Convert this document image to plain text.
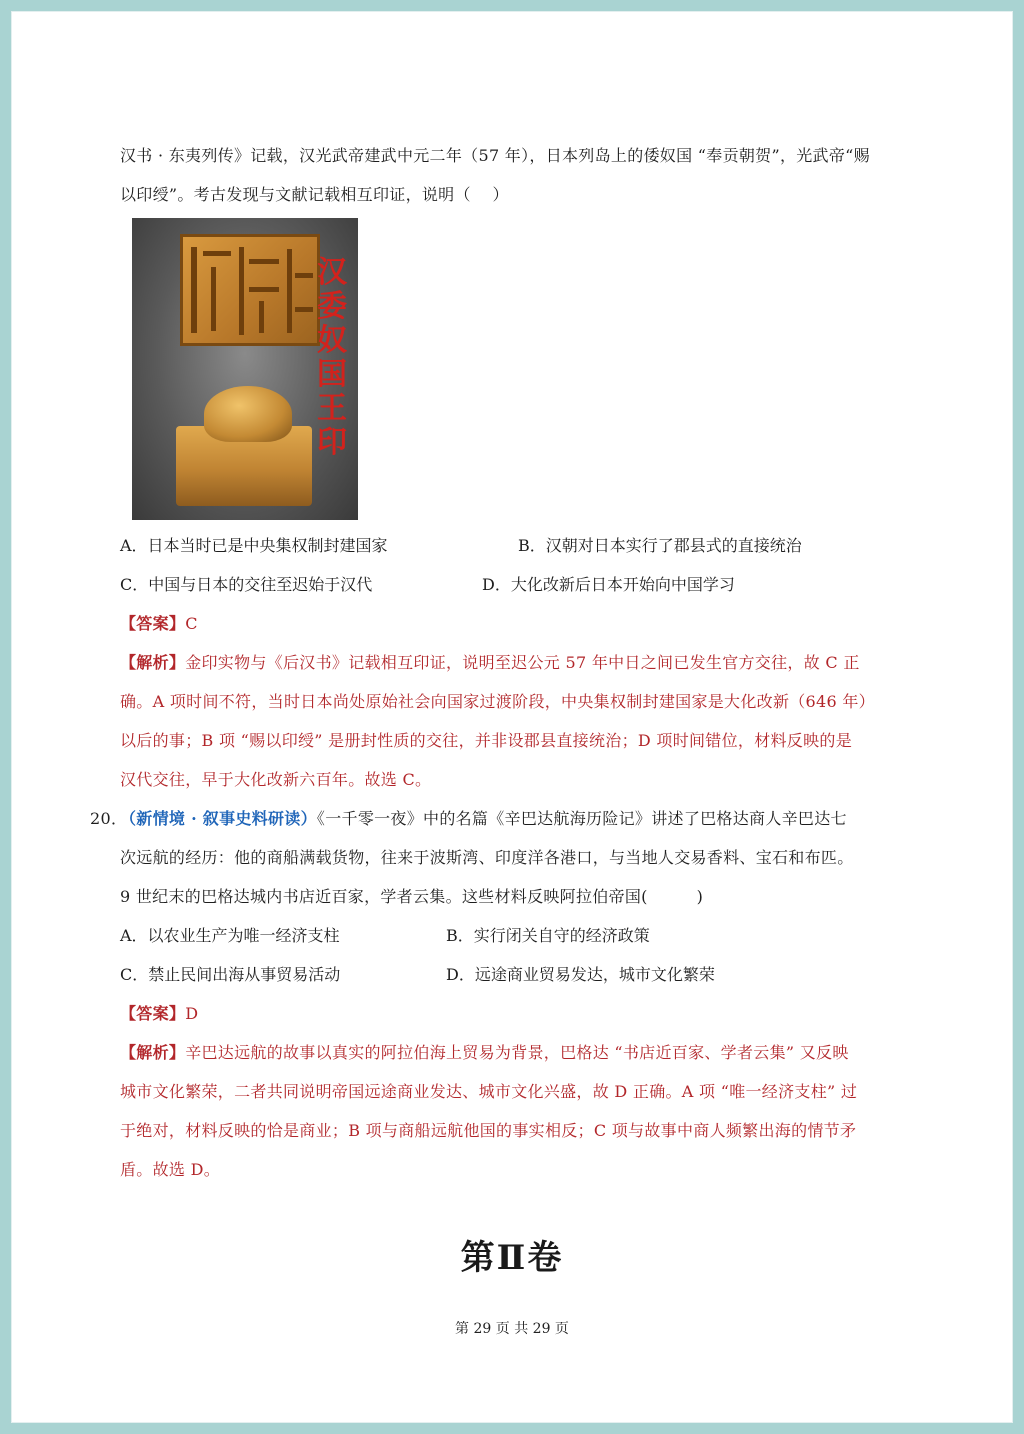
汉书 · 东夷列传》记载，汉光武帝建武中元二年（57 年），日本列岛上的倭奴国 “奉贡朝贺”，光武帝“赐
以印绶”。考古发现与文献记载相互印证，说明（　 ）
汉委奴国王印
A．日本当时已是中央集权制封建国家	B．汉朝对日本实行了郡县式的直接统治
C．中国与日本的交往至迟始于汉代	D．大化改新后日本开始向中国学习
【答案】C
【解析】金印实物与《后汉书》记载相互印证，说明至迟公元 57 年中日之间已发生官方交往，故 C 正
确。A 项时间不符，当时日本尚处原始社会向国家过渡阶段，中央集权制封建国家是大化改新（646 年）
以后的事；B 项 “赐以印绶” 是册封性质的交往，并非设郡县直接统治；D 项时间错位，材料反映的是
汉代交往，早于大化改新六百年。故选 C。
20．
（新情境 · 叙事史料研读）《一千零一夜》中的名篇《辛巴达航海历险记》讲述了巴格达商人辛巴达七
次远航的经历：他的商船满载货物，往来于波斯湾、印度洋各港口，与当地人交易香料、宝石和布匹。
9 世纪末的巴格达城内书店近百家，学者云集。这些材料反映阿拉伯帝国(　　　)
A．以农业生产为唯一经济支柱	B．实行闭关自守的经济政策
C．禁止民间出海从事贸易活动	D．远途商业贸易发达，城市文化繁荣
【答案】D
【解析】辛巴达远航的故事以真实的阿拉伯海上贸易为背景，巴格达 “书店近百家、学者云集” 又反映
城市文化繁荣，二者共同说明帝国远途商业发达、城市文化兴盛，故 D 正确。A 项 “唯一经济支柱” 过
于绝对，材料反映的恰是商业；B 项与商船远航他国的事实相反；C 项与故事中商人频繁出海的情节矛
盾。故选 D。
第Ⅱ卷
第 29 页 共 29 页
